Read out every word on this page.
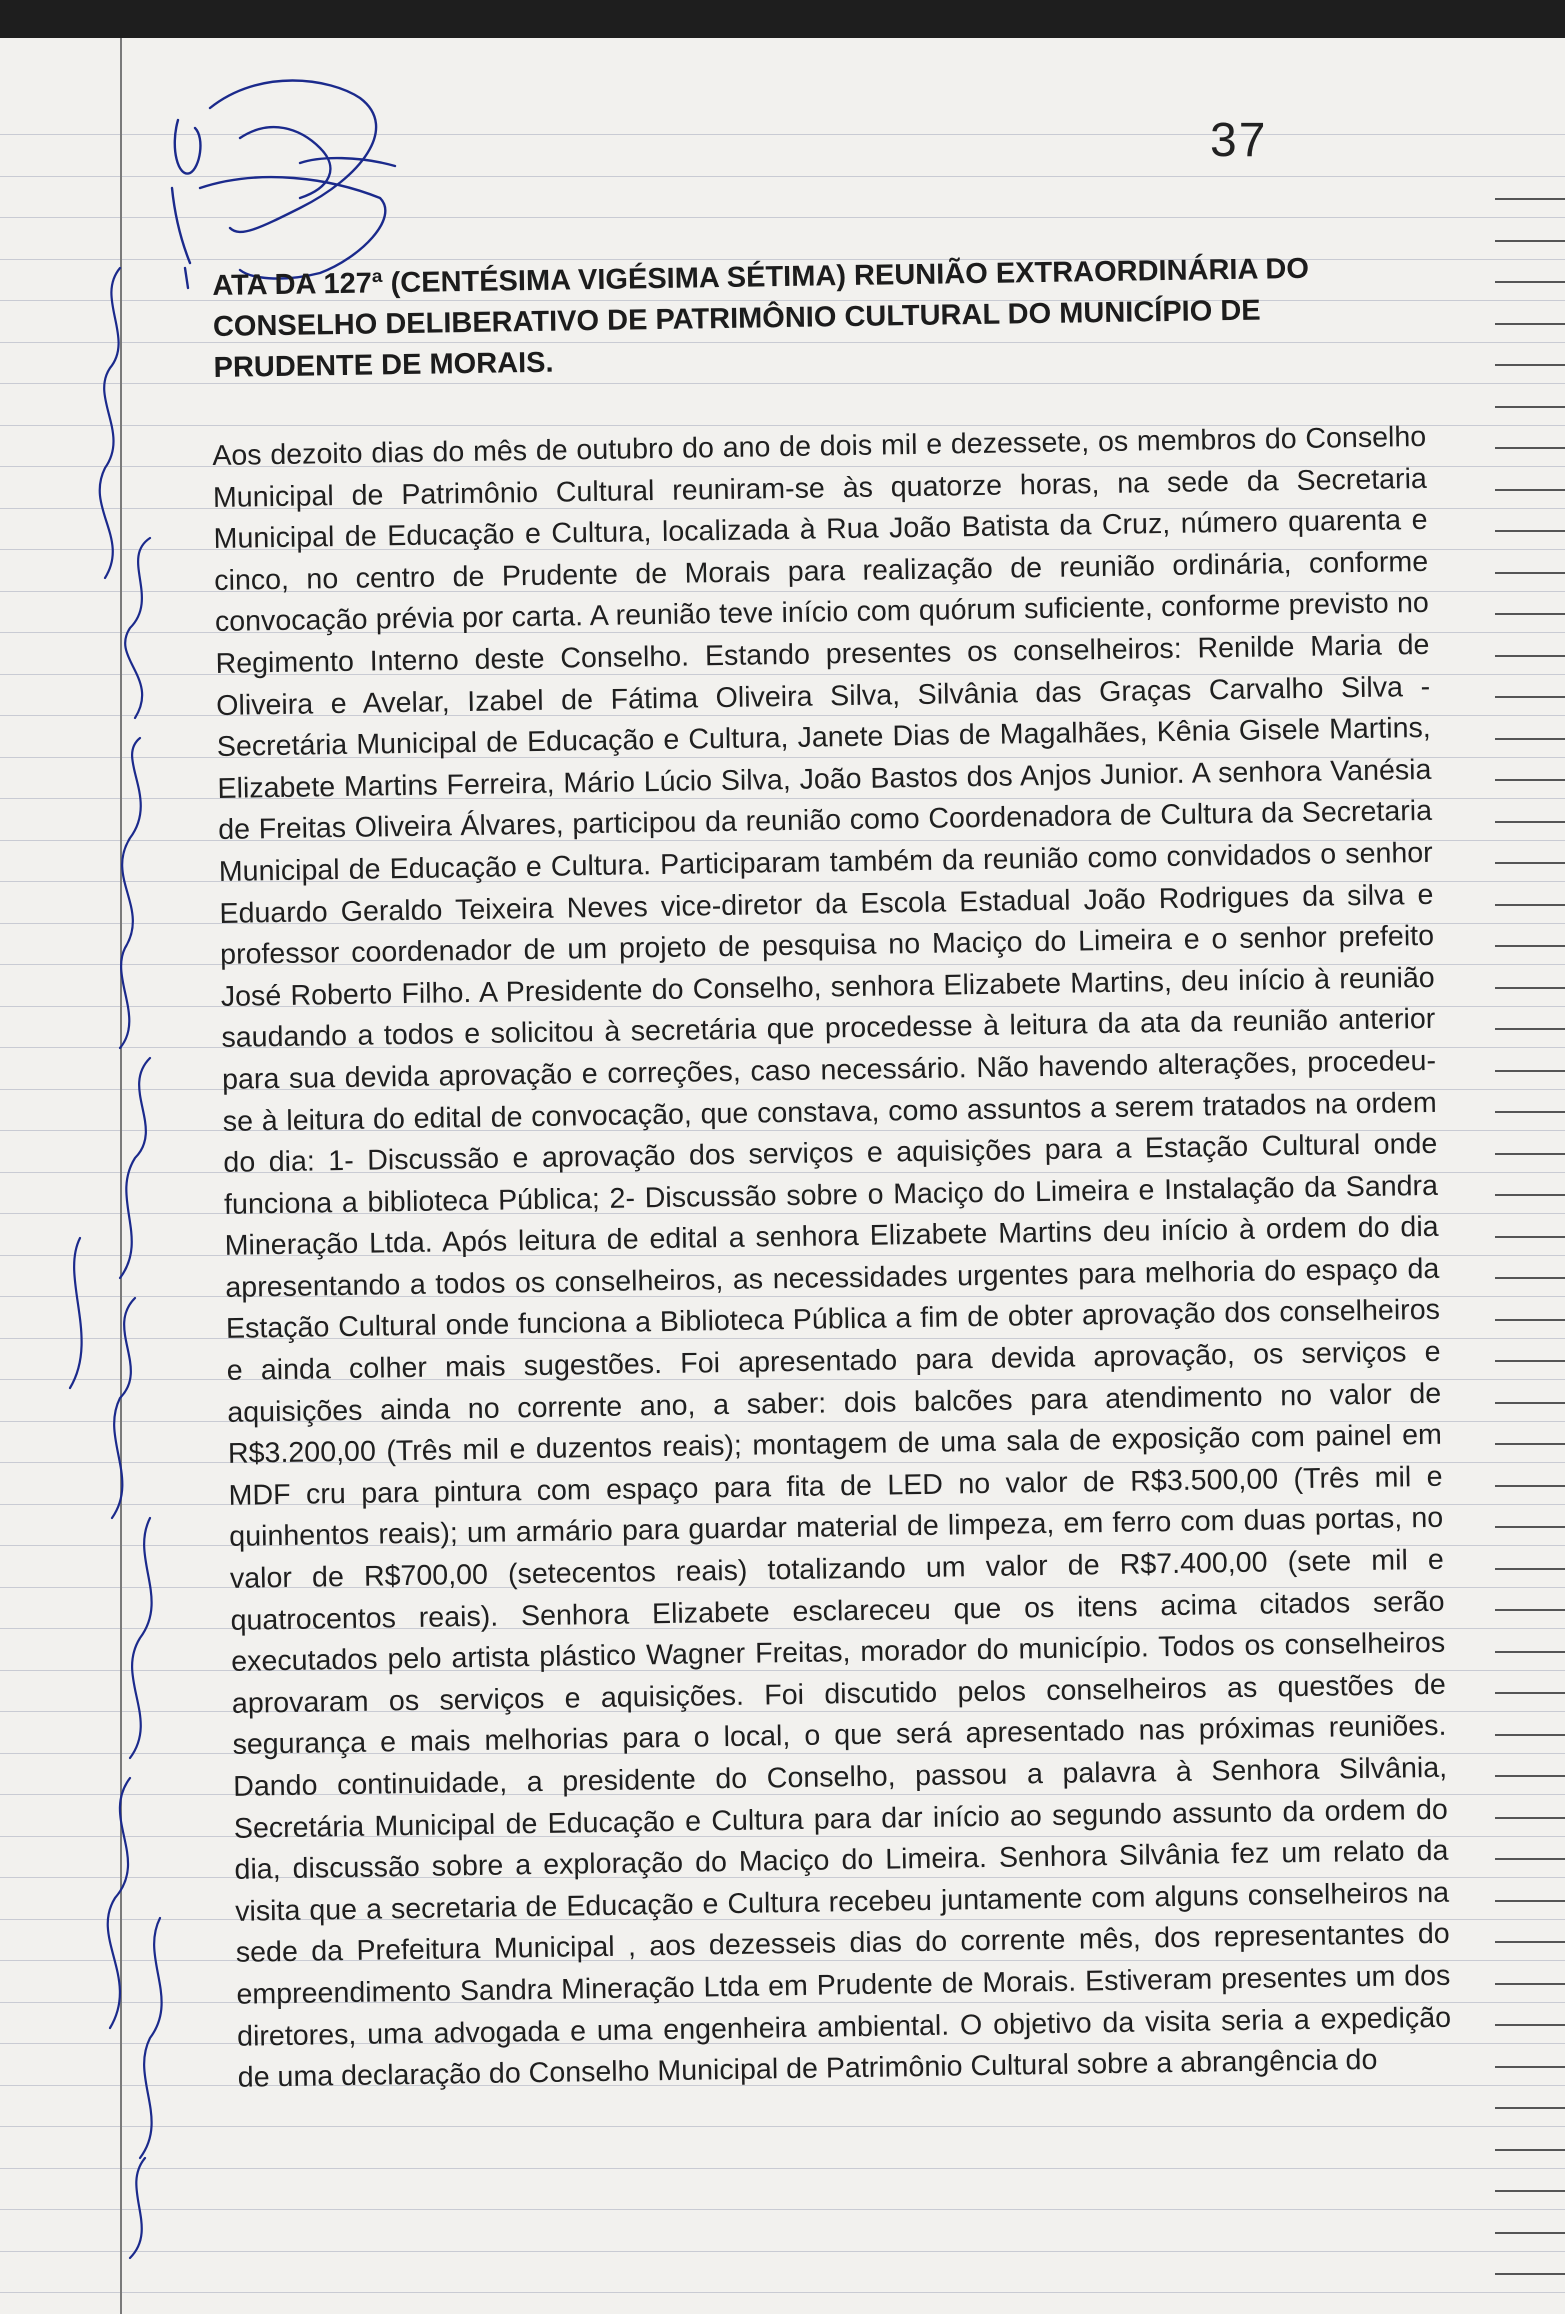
37
ATA DA 127ª (CENTÉSIMA VIGÉSIMA SÉTIMA) REUNIÃO EXTRAORDINÁRIA DO CONSELHO DELIBERATIVO DE PATRIMÔNIO CULTURAL DO MUNICÍPIO DE PRUDENTE DE MORAIS.

Aos dezoito dias do mês de outubro do ano de dois mil e dezessete, os membros do Conselho Municipal de Patrimônio Cultural reuniram-se às quatorze horas, na sede da Secretaria Municipal de Educação e Cultura, localizada à Rua João Batista da Cruz, número quarenta e cinco, no centro de Prudente de Morais para realização de reunião ordinária, conforme convocação prévia por carta. A reunião teve início com quórum suficiente, conforme previsto no Regimento Interno deste Conselho. Estando presentes os conselheiros: Renilde Maria de Oliveira e Avelar, Izabel de Fátima Oliveira Silva, Silvânia das Graças Carvalho Silva - Secretária Municipal de Educação e Cultura, Janete Dias de Magalhães, Kênia Gisele Martins, Elizabete Martins Ferreira, Mário Lúcio Silva, João Bastos dos Anjos Junior. A senhora Vanésia de Freitas Oliveira Álvares, participou da reunião como Coordenadora de Cultura da Secretaria Municipal de Educação e Cultura. Participaram também da reunião como convidados o senhor Eduardo Geraldo Teixeira Neves vice-diretor da Escola Estadual João Rodrigues da silva e professor coordenador de um projeto de pesquisa no Maciço do Limeira e o senhor prefeito José Roberto Filho. A Presidente do Conselho, senhora Elizabete Martins, deu início à reunião saudando a todos e solicitou à secretária que procedesse à leitura da ata da reunião anterior para sua devida aprovação e correções, caso necessário. Não havendo alterações, procedeu-se à leitura do edital de convocação, que constava, como assuntos a serem tratados na ordem do dia: 1- Discussão e aprovação dos serviços e aquisições para a Estação Cultural onde funciona a biblioteca Pública; 2- Discussão sobre o Maciço do Limeira e Instalação da Sandra Mineração Ltda. Após leitura de edital a senhora Elizabete Martins deu início à ordem do dia apresentando a todos os conselheiros, as necessidades urgentes para melhoria do espaço da Estação Cultural onde funciona a Biblioteca Pública a fim de obter aprovação dos conselheiros e ainda colher mais sugestões. Foi apresentado para devida aprovação, os serviços e aquisições ainda no corrente ano, a saber: dois balcões para atendimento no valor de R$3.200,00 (Três mil e duzentos reais); montagem de uma sala de exposição com painel em MDF cru para pintura com espaço para fita de LED no valor de R$3.500,00 (Três mil e quinhentos reais); um armário para guardar material de limpeza, em ferro com duas portas, no valor de R$700,00 (setecentos reais) totalizando um valor de R$7.400,00 (sete mil e quatrocentos reais). Senhora Elizabete esclareceu que os itens acima citados serão executados pelo artista plástico Wagner Freitas, morador do município. Todos os conselheiros aprovaram os serviços e aquisições. Foi discutido pelos conselheiros as questões de segurança e mais melhorias para o local, o que será apresentado nas próximas reuniões. Dando continuidade, a presidente do Conselho, passou a palavra à Senhora Silvânia, Secretária Municipal de Educação e Cultura para dar início ao segundo assunto da ordem do dia, discussão sobre a exploração do Maciço do Limeira. Senhora Silvânia fez um relato da visita que a secretaria de Educação e Cultura recebeu juntamente com alguns conselheiros na sede da Prefeitura Municipal , aos dezesseis dias do corrente mês, dos representantes do empreendimento Sandra Mineração Ltda em Prudente de Morais. Estiveram presentes um dos diretores, uma advogada e uma engenheira ambiental. O objetivo da visita seria a expedição de uma declaração do Conselho Municipal de Patrimônio Cultural sobre a abrangência do
